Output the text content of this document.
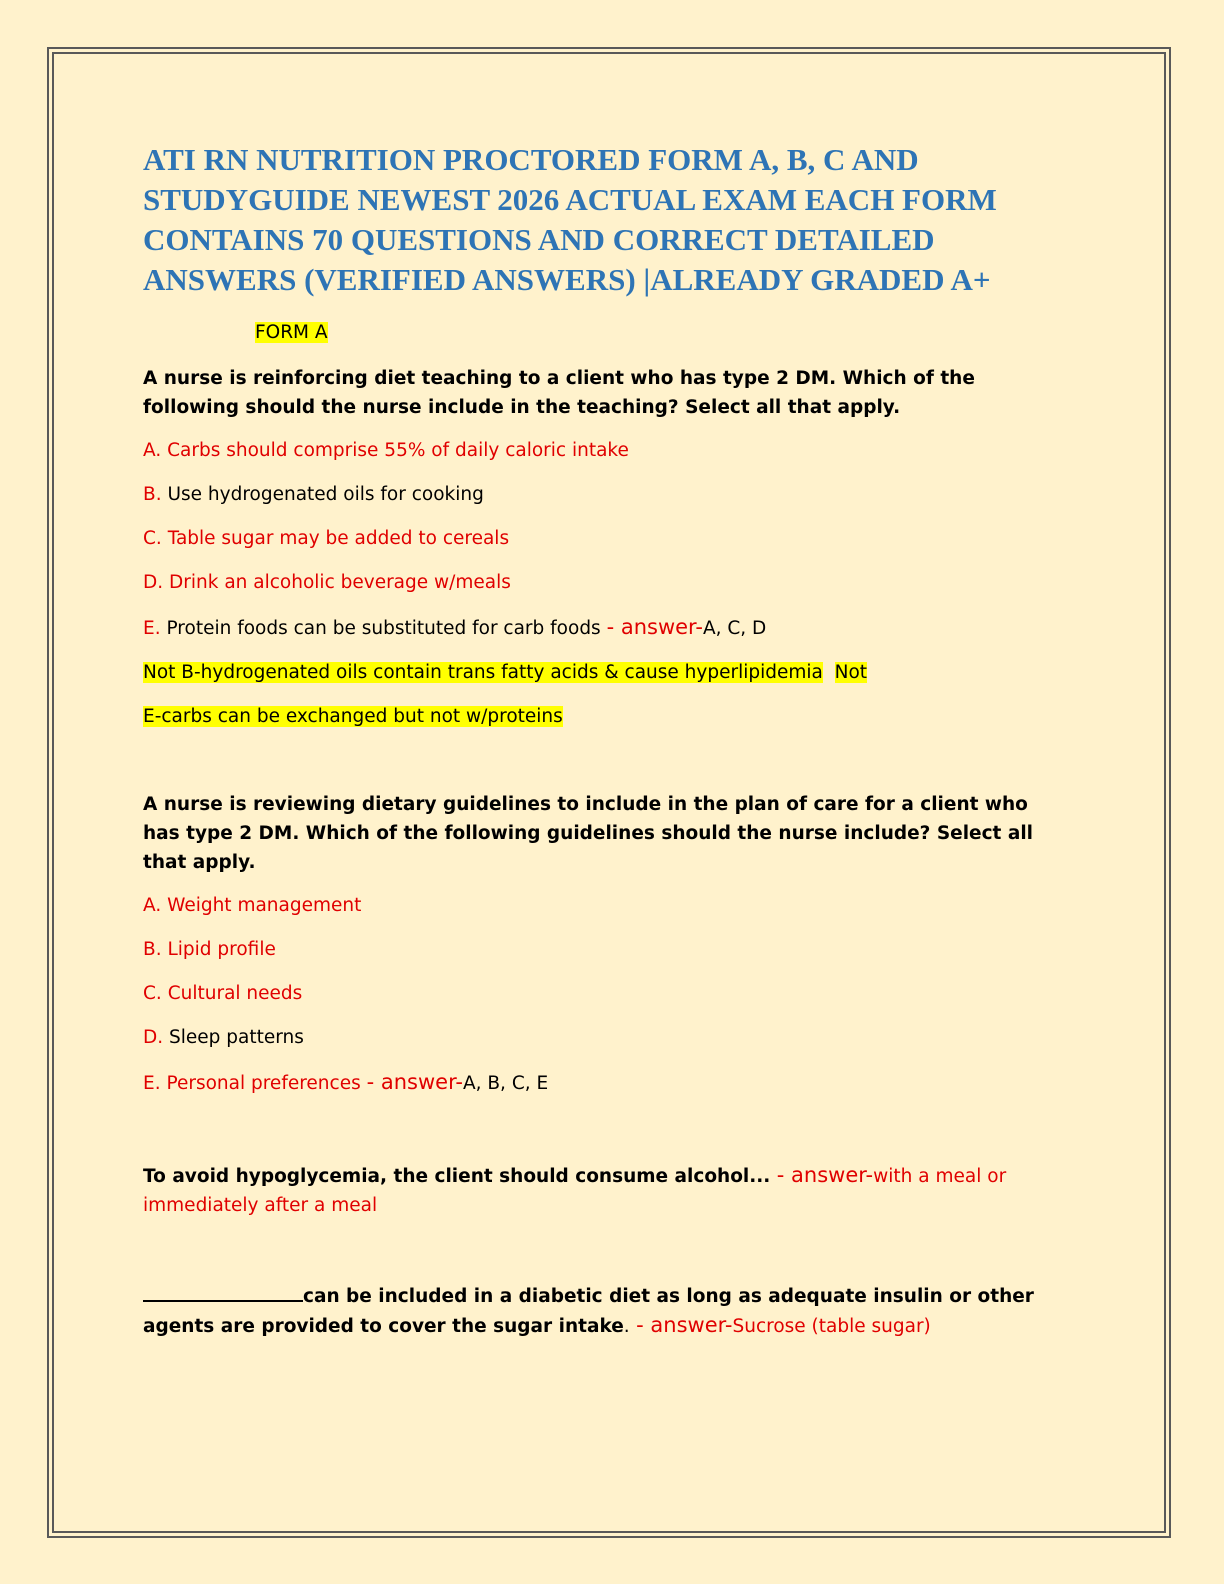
ATI RN NUTRITION PROCTORED FORM A, B, C AND STUDYGUIDE NEWEST 2026 ACTUAL EXAM EACH FORM CONTAINS 70 QUESTIONS AND CORRECT DETAILED ANSWERS (VERIFIED ANSWERS) |ALREADY GRADED A+
FORM A

A nurse is reinforcing diet teaching to a client who has type 2 DM. Which of the following should the nurse include in the teaching? Select all that apply.

A. Carbs should comprise 55% of daily caloric intake

B. Use hydrogenated oils for cooking

C. Table sugar may be added to cereals

D. Drink an alcoholic beverage w/meals

E. Protein foods can be substituted for carb foods - answer-A, C, D

Not B-hydrogenated oils contain trans fatty acids & cause hyperlipidemia Not

E-carbs can be exchanged but not w/proteins

A nurse is reviewing dietary guidelines to include in the plan of care for a client who has type 2 DM. Which of the following guidelines should the nurse include? Select all that apply.

A. Weight management

B. Lipid profile

C. Cultural needs

D. Sleep patterns

E. Personal preferences - answer-A, B, C, E

To avoid hypoglycemia, the client should consume alcohol... - answer-with a meal or immediately after a meal

can be included in a diabetic diet as long as adequate insulin or other agents are provided to cover the sugar intake. - answer-Sucrose (table sugar)
